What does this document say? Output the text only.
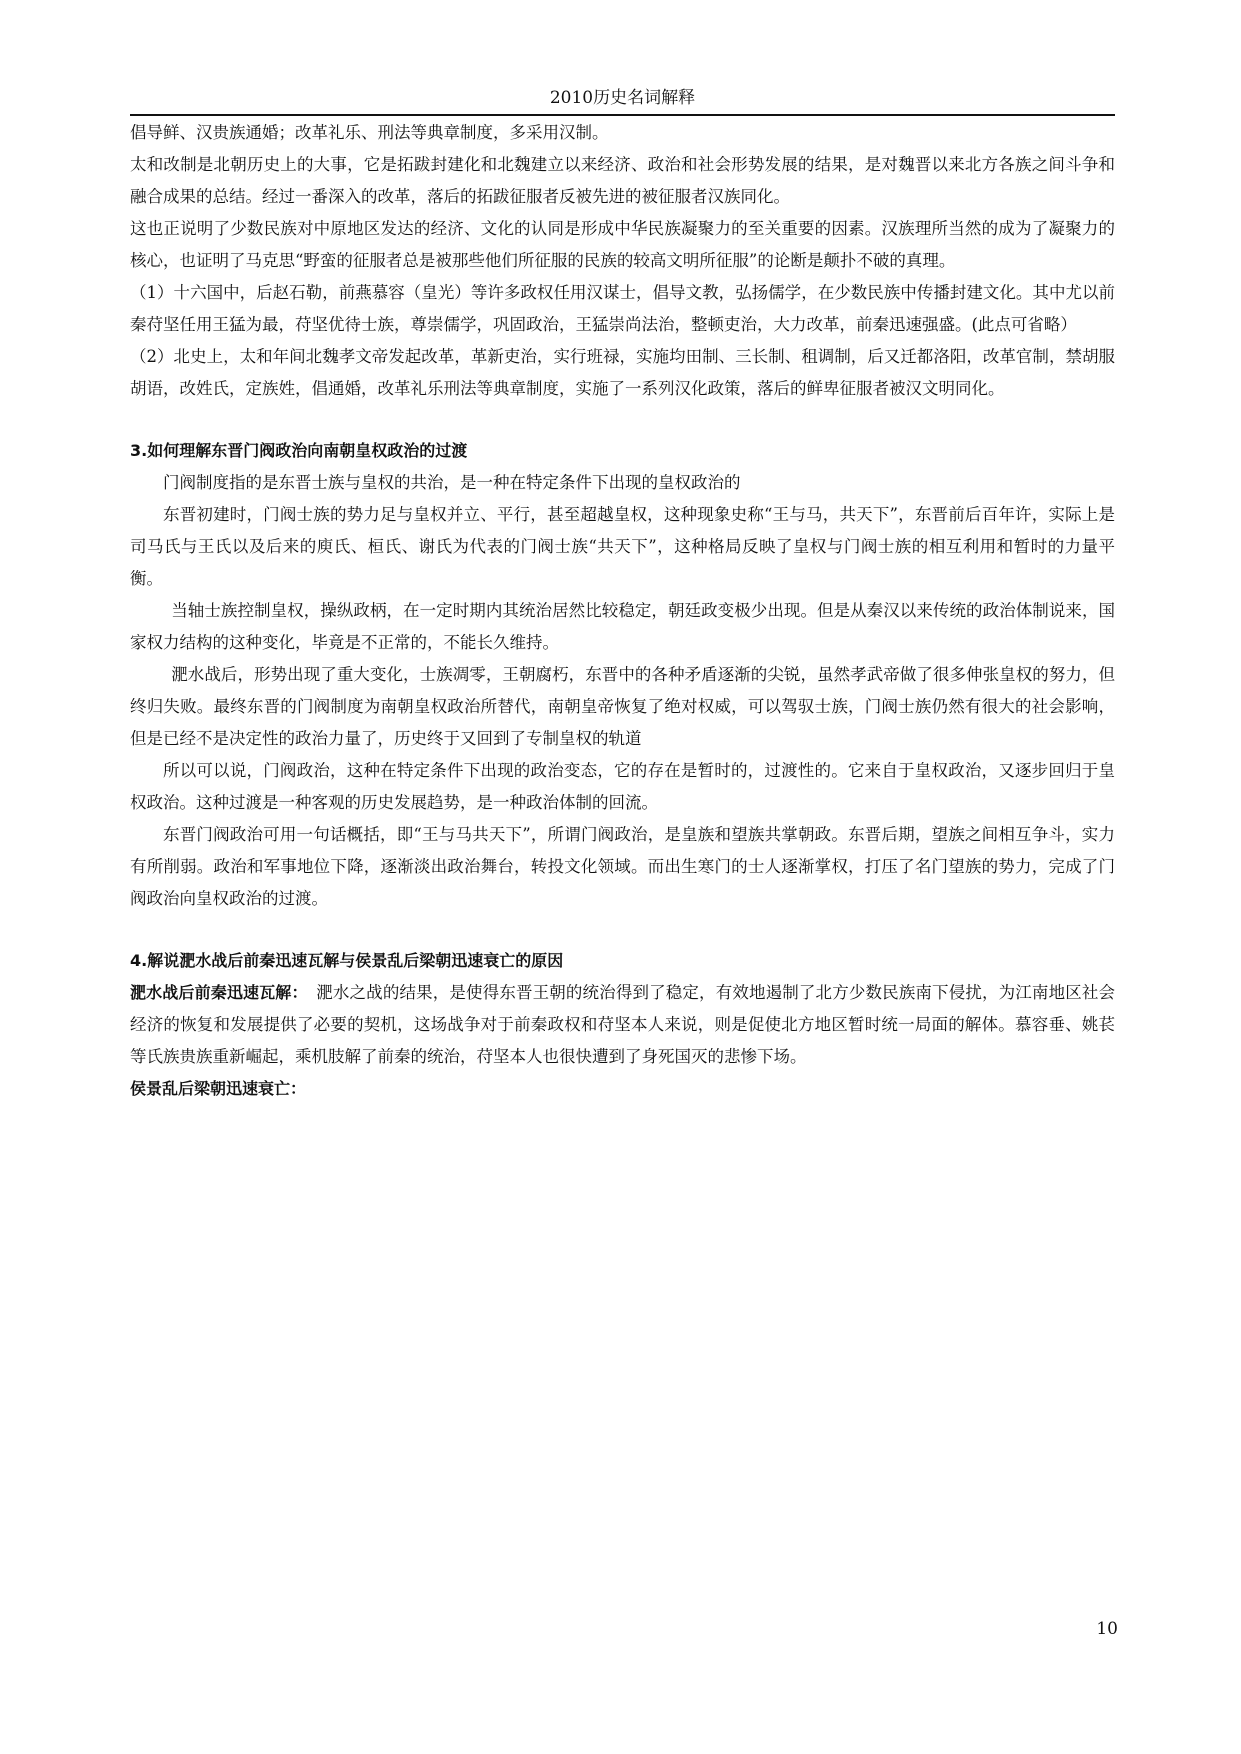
2010历史名词解释

倡导鲜、汉贵族通婚；改革礼乐、刑法等典章制度，多采用汉制。

太和改制是北朝历史上的大事，它是拓跋封建化和北魏建立以来经济、政治和社会形势发展的结果，是对魏晋以来北方各族之间斗争和融合成果的总结。经过一番深入的改革，落后的拓跋征服者反被先进的被征服者汉族同化。

这也正说明了少数民族对中原地区发达的经济、文化的认同是形成中华民族凝聚力的至关重要的因素。汉族理所当然的成为了凝聚力的核心，也证明了马克思“野蛮的征服者总是被那些他们所征服的民族的较高文明所征服”的论断是颠扑不破的真理。

（1）十六国中，后赵石勒，前燕慕容（皇光）等许多政权任用汉谋士，倡导文教，弘扬儒学，在少数民族中传播封建文化。其中尤以前秦苻坚任用王猛为最，苻坚优待士族，尊崇儒学，巩固政治，王猛崇尚法治，整顿吏治，大力改革，前秦迅速强盛。(此点可省略）

（2）北史上，太和年间北魏孝文帝发起改革，革新吏治，实行班禄，实施均田制、三长制、租调制，后又迁都洛阳，改革官制，禁胡服胡语，改姓氏，定族姓，倡通婚，改革礼乐刑法等典章制度，实施了一系列汉化政策，落后的鲜卑征服者被汉文明同化。

3.如何理解东晋门阀政治向南朝皇权政治的过渡

门阀制度指的是东晋士族与皇权的共治，是一种在特定条件下出现的皇权政治的

东晋初建时，门阀士族的势力足与皇权并立、平行，甚至超越皇权，这种现象史称“王与马，共天下”，东晋前后百年许，实际上是司马氏与王氏以及后来的庾氏、桓氏、谢氏为代表的门阀士族“共天下”，这种格局反映了皇权与门阀士族的相互利用和暂时的力量平衡。

当轴士族控制皇权，操纵政柄，在一定时期内其统治居然比较稳定，朝廷政变极少出现。但是从秦汉以来传统的政治体制说来，国家权力结构的这种变化，毕竟是不正常的，不能长久维持。

淝水战后，形势出现了重大变化，士族凋零，王朝腐朽，东晋中的各种矛盾逐渐的尖锐，虽然孝武帝做了很多伸张皇权的努力，但终归失败。最终东晋的门阀制度为南朝皇权政治所替代，南朝皇帝恢复了绝对权威，可以驾驭士族，门阀士族仍然有很大的社会影响，但是已经不是决定性的政治力量了，历史终于又回到了专制皇权的轨道

所以可以说，门阀政治，这种在特定条件下出现的政治变态，它的存在是暂时的，过渡性的。它来自于皇权政治，又逐步回归于皇权政治。这种过渡是一种客观的历史发展趋势，是一种政治体制的回流。

东晋门阀政治可用一句话概括，即“王与马共天下”，所谓门阀政治，是皇族和望族共掌朝政。东晋后期，望族之间相互争斗，实力有所削弱。政治和军事地位下降，逐渐淡出政治舞台，转投文化领域。而出生寒门的士人逐渐掌权，打压了名门望族的势力，完成了门阀政治向皇权政治的过渡。

4.解说淝水战后前秦迅速瓦解与侯景乱后梁朝迅速衰亡的原因

淝水战后前秦迅速瓦解：　淝水之战的结果，是使得东晋王朝的统治得到了稳定，有效地遏制了北方少数民族南下侵扰，为江南地区社会经济的恢复和发展提供了必要的契机，这场战争对于前秦政权和苻坚本人来说，则是促使北方地区暂时统一局面的解体。慕容垂、姚苌等氏族贵族重新崛起，乘机肢解了前秦的统治，苻坚本人也很快遭到了身死国灭的悲惨下场。

侯景乱后梁朝迅速衰亡：

10
